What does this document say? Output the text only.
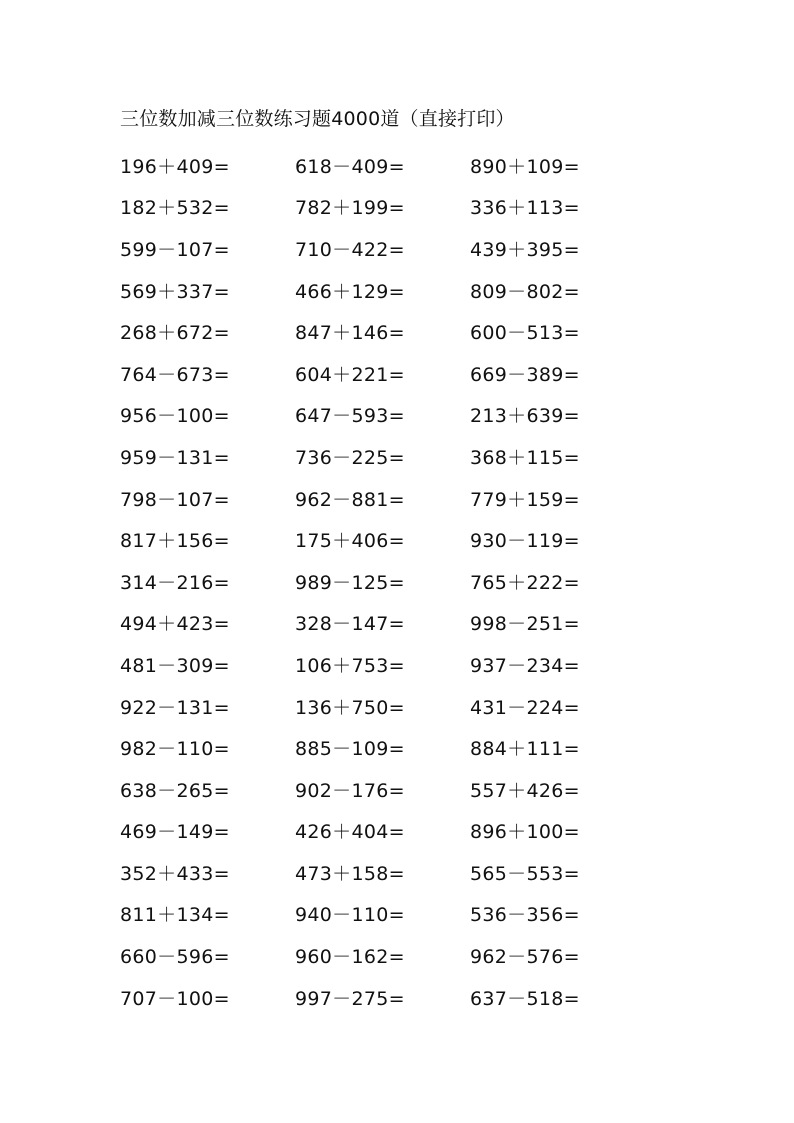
三位数加减三位数练习题4000道（直接打印）
196＋409=	618－409=	890＋109=
182＋532=	782＋199=	336＋113=
599－107=	710－422=	439＋395=
569＋337=	466＋129=	809－802=
268＋672=	847＋146=	600－513=
764－673=	604＋221=	669－389=
956－100=	647－593=	213＋639=
959－131=	736－225=	368＋115=
798－107=	962－881=	779＋159=
817＋156=	175＋406=	930－119=
314－216=	989－125=	765＋222=
494＋423=	328－147=	998－251=
481－309=	106＋753=	937－234=
922－131=	136＋750=	431－224=
982－110=	885－109=	884＋111=
638－265=	902－176=	557＋426=
469－149=	426＋404=	896＋100=
352＋433=	473＋158=	565－553=
811＋134=	940－110=	536－356=
660－596=	960－162=	962－576=
707－100=	997－275=	637－518=
